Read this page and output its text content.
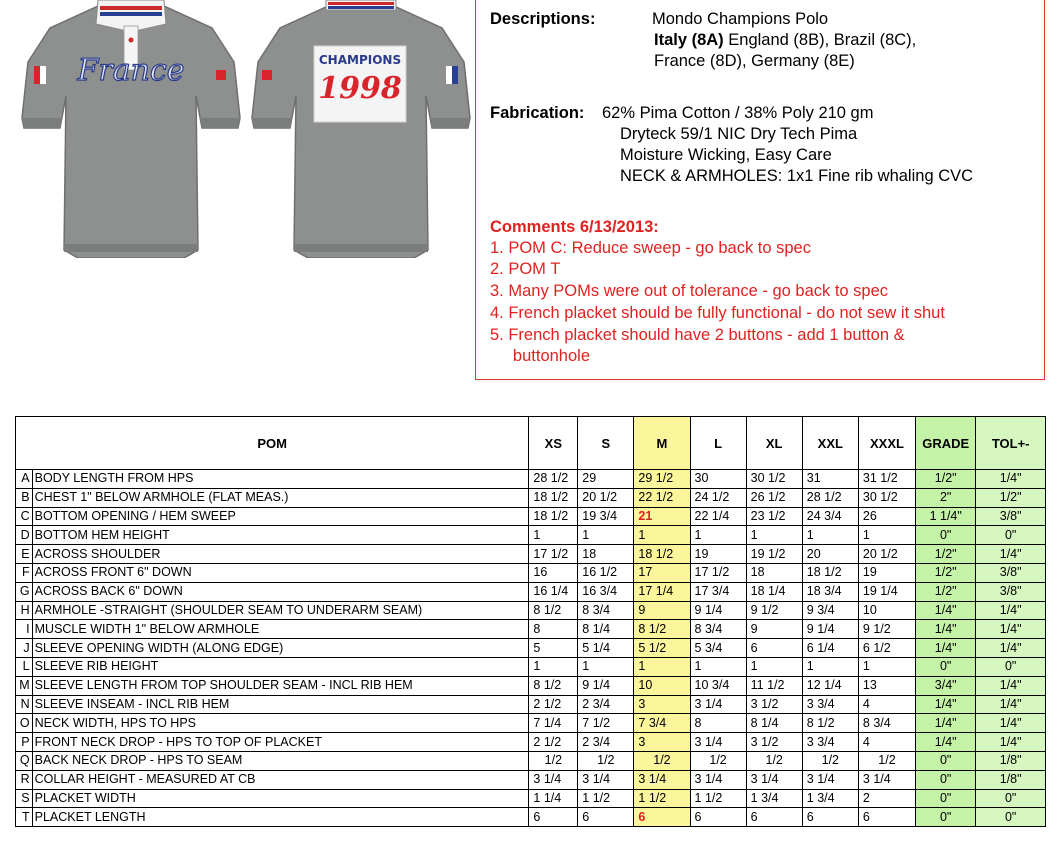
France	CHAMPIONS
1998
Descriptions:	Mondo Champions Polo
Italy (8A) England (8B), Brazil (8C),
France (8D), Germany (8E)
Fabrication: 62% Pima Cotton / 38% Poly 210 gm
Dryteck 59/1 NIC Dry Tech Pima
Moisture Wicking, Easy Care
NECK & ARMHOLES: 1x1 Fine rib whaling CVC
Comments 6/13/2013:
1. POM C: Reduce sweep - go back to spec
2. POM T
3. Many POMs were out of tolerance - go back to spec
4. French placket should be fully functional - do not sew it shut
5. French placket should have 2 buttons - add 1 button &
buttonhole
POM		XS	S	M	L	XL	XXL	XXXL	GRADE	TOL+-
A	BODY LENGTH FROM HPS	28 1/2	29	29 1/2	30	30 1/2	31	31 1/2	1/2"	1/4"
B	CHEST 1" BELOW ARMHOLE (FLAT MEAS.)	18 1/2	20 1/2	22 1/2	24 1/2	26 1/2	28 1/2	30 1/2	2"	1/2"
C	BOTTOM OPENING / HEM SWEEP	18 1/2	19 3/4	21	22 1/4	23 1/2	24 3/4	26	1 1/4"	3/8"
D	BOTTOM HEM HEIGHT	1	1	1	1	1	1	1	0"	0"
E	ACROSS SHOULDER	17 1/2	18	18 1/2	19	19 1/2	20	20 1/2	1/2"	1/4"
F	ACROSS FRONT 6" DOWN	16	16 1/2	17	17 1/2	18	18 1/2	19	1/2"	3/8"
G	ACROSS BACK 6" DOWN	16 1/4	16 3/4	17 1/4	17 3/4	18 1/4	18 3/4	19 1/4	1/2"	3/8"
H	ARMHOLE -STRAIGHT (SHOULDER SEAM TO UNDERARM SEAM)	8 1/2	8 3/4	9	9 1/4	9 1/2	9 3/4	10	1/4"	1/4"
I	MUSCLE WIDTH 1" BELOW ARMHOLE	8	8 1/4	8 1/2	8 3/4	9	9 1/4	9 1/2	1/4"	1/4"
J	SLEEVE OPENING WIDTH (ALONG EDGE)	5	5 1/4	5 1/2	5 3/4	6	6 1/4	6 1/2	1/4"	1/4"
L	SLEEVE RIB HEIGHT	1	1	1	1	1	1	1	0"	0"
M	SLEEVE LENGTH FROM TOP SHOULDER SEAM - INCL RIB HEM	8 1/2	9 1/4	10	10 3/4	11 1/2	12 1/4	13	3/4"	1/4"
N	SLEEVE INSEAM - INCL RIB HEM	2 1/2	2 3/4	3	3 1/4	3 1/2	3 3/4	4	1/4"	1/4"
O	NECK WIDTH, HPS TO HPS	7 1/4	7 1/2	7 3/4	8	8 1/4	8 1/2	8 3/4	1/4"	1/4"
P	FRONT NECK DROP - HPS TO TOP OF PLACKET	2 1/2	2 3/4	3	3 1/4	3 1/2	3 3/4	4	1/4"	1/4"
Q	BACK NECK DROP - HPS TO SEAM	1/2	1/2	1/2	1/2	1/2	1/2	1/2	0"	1/8"
R	COLLAR HEIGHT - MEASURED AT CB	3 1/4	3 1/4	3 1/4	3 1/4	3 1/4	3 1/4	3 1/4	0"	1/8"
S	PLACKET WIDTH	1 1/4	1 1/2	1 1/2	1 1/2	1 3/4	1 3/4	2	0"	0"
T	PLACKET LENGTH	6	6	6	6	6	6	6	0"	0"
